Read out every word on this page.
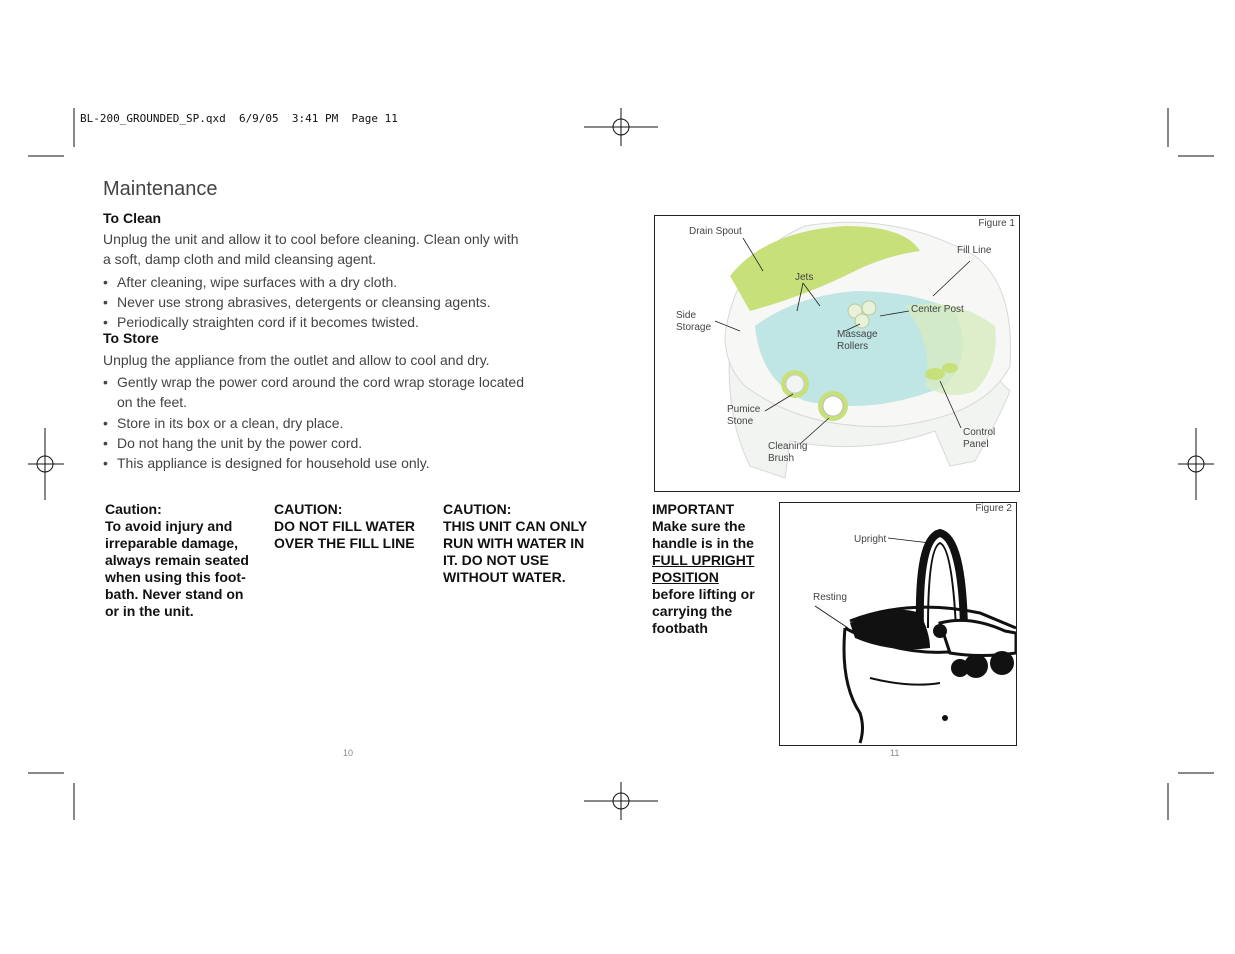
BL-200_GROUNDED_SP.qxd  6/9/05  3:41 PM  Page 11
Maintenance
To Clean
Unplug the unit and allow it to cool before cleaning. Clean only with
a soft, damp cloth and mild cleansing agent.
• After cleaning, wipe surfaces with a dry cloth.
• Never use strong abrasives, detergents or cleansing agents.
• Periodically straighten cord if it becomes twisted.
To Store
Unplug the appliance from the outlet and allow to cool and dry.
• Gently wrap the power cord around the cord wrap storage located
on the feet.
• Store in its box or a clean, dry place.
• Do not hang the unit by the power cord.
• This appliance is designed for household use only.
Caution:
To avoid injury and
irreparable damage,
always remain seated
when using this foot-
bath. Never stand on
or in the unit.
CAUTION:
DO NOT FILL WATER
OVER THE FILL LINE
CAUTION:
THIS UNIT CAN ONLY
RUN WITH WATER IN
IT. DO NOT USE
WITHOUT WATER.
IMPORTANT
Make sure the
handle is in the
FULL UPRIGHT
POSITION
before lifting or
carrying the
footbath
Figure 1
Drain Spout
Fill Line
Jets
Center Post
Side
Storage
Massage
Rollers
Pumice
Stone
Control
Panel
Cleaning
Brush
Figure 2
Upright
Resting
10	11
